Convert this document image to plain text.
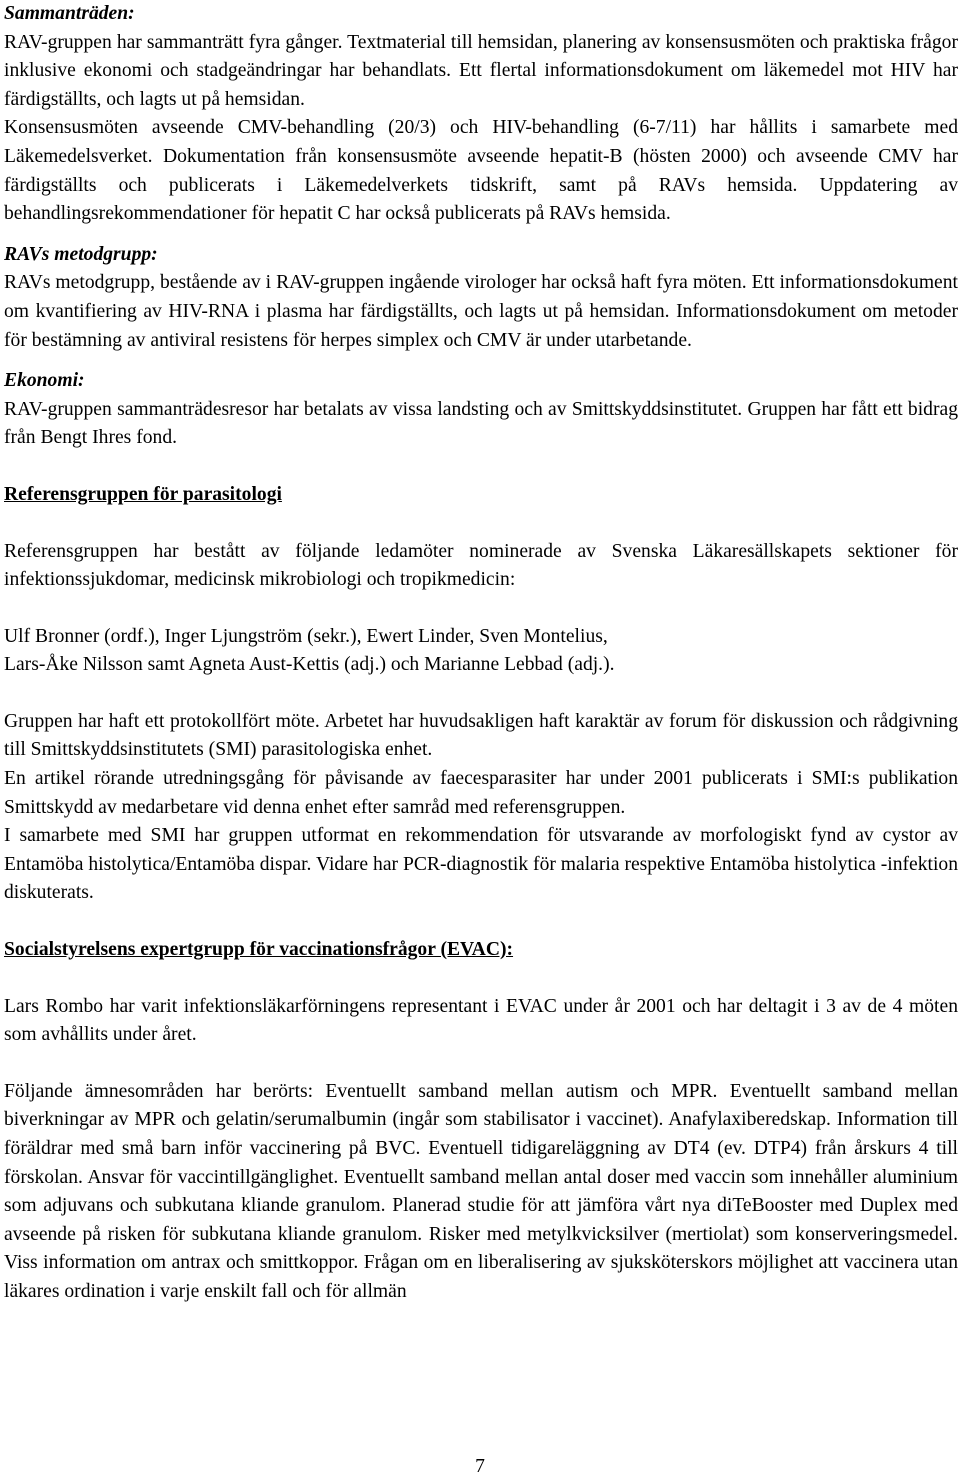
Sammanträden:

RAV-gruppen har sammanträtt fyra gånger. Textmaterial till hemsidan, planering av konsensusmöten och praktiska frågor inklusive ekonomi och stadgeändringar har behandlats. Ett flertal informationsdokument om läkemedel mot HIV har färdigställts, och lagts ut på hemsidan.

Konsensusmöten avseende CMV-behandling (20/3) och HIV-behandling (6-7/11) har hållits i samarbete med Läkemedelsverket. Dokumentation från konsensusmöte avseende hepatit-B (hösten 2000) och avseende CMV har färdigställts och publicerats i Läkemedelverkets tidskrift, samt på RAVs hemsida. Uppdatering av behandlingsrekommendationer för hepatit C har också publicerats på RAVs hemsida.

RAVs metodgrupp:

RAVs metodgrupp, bestående av i RAV-gruppen ingående virologer har också haft fyra möten. Ett informationsdokument om kvantifiering av HIV-RNA i plasma har färdigställts, och lagts ut på hemsidan. Informationsdokument om metoder för bestämning av antiviral resistens för herpes simplex och CMV är under utarbetande.

Ekonomi:

RAV-gruppen sammanträdesresor har betalats av vissa landsting och av Smittskyddsinstitutet. Gruppen har fått ett bidrag från Bengt Ihres fond.

Referensgruppen för parasitologi

Referensgruppen har bestått av följande ledamöter nominerade av Svenska Läkaresällskapets sektioner för infektionssjukdomar, medicinsk mikrobiologi och tropikmedicin:

Ulf Bronner (ordf.), Inger Ljungström (sekr.), Ewert Linder, Sven Montelius,

Lars-Åke Nilsson samt Agneta Aust-Kettis (adj.) och Marianne Lebbad (adj.).

Gruppen har haft ett protokollfört möte. Arbetet har huvudsakligen haft karaktär av forum för diskussion och rådgivning till Smittskyddsinstitutets (SMI) parasitologiska enhet.

En artikel rörande utredningsgång för påvisande av faecesparasiter har under 2001 publicerats i SMI:s publikation Smittskydd av medarbetare vid denna enhet efter samråd med referensgruppen.

I samarbete med SMI har gruppen utformat en rekommendation för utsvarande av morfologiskt fynd av cystor av Entamöba histolytica/Entamöba dispar. Vidare har PCR-diagnostik för malaria respektive Entamöba histolytica -infektion diskuterats.

Socialstyrelsens expertgrupp för vaccinationsfrågor (EVAC):

Lars Rombo har varit infektionsläkarförningens representant i EVAC under år 2001 och har deltagit i 3 av de 4 möten som avhållits under året.

Följande ämnesområden har berörts: Eventuellt samband mellan autism och MPR. Eventuellt samband mellan biverkningar av MPR och gelatin/serumalbumin (ingår som stabilisator i vaccinet). Anafylaxiberedskap. Information till föräldrar med små barn inför vaccinering på BVC. Eventuell tidigareläggning av DT4 (ev. DTP4) från årskurs 4 till förskolan. Ansvar för vaccintillgänglighet. Eventuellt samband mellan antal doser med vaccin som innehåller aluminium som adjuvans och subkutana kliande granulom. Planerad studie för att jämföra vårt nya diTeBooster med Duplex med avseende på risken för subkutana kliande granulom. Risker med metylkvicksilver (mertiolat) som konserveringsmedel. Viss information om antrax och smittkoppor. Frågan om en liberalisering av sjuksköterskors möjlighet att vaccinera utan läkares ordination i varje enskilt fall och för allmän

7
